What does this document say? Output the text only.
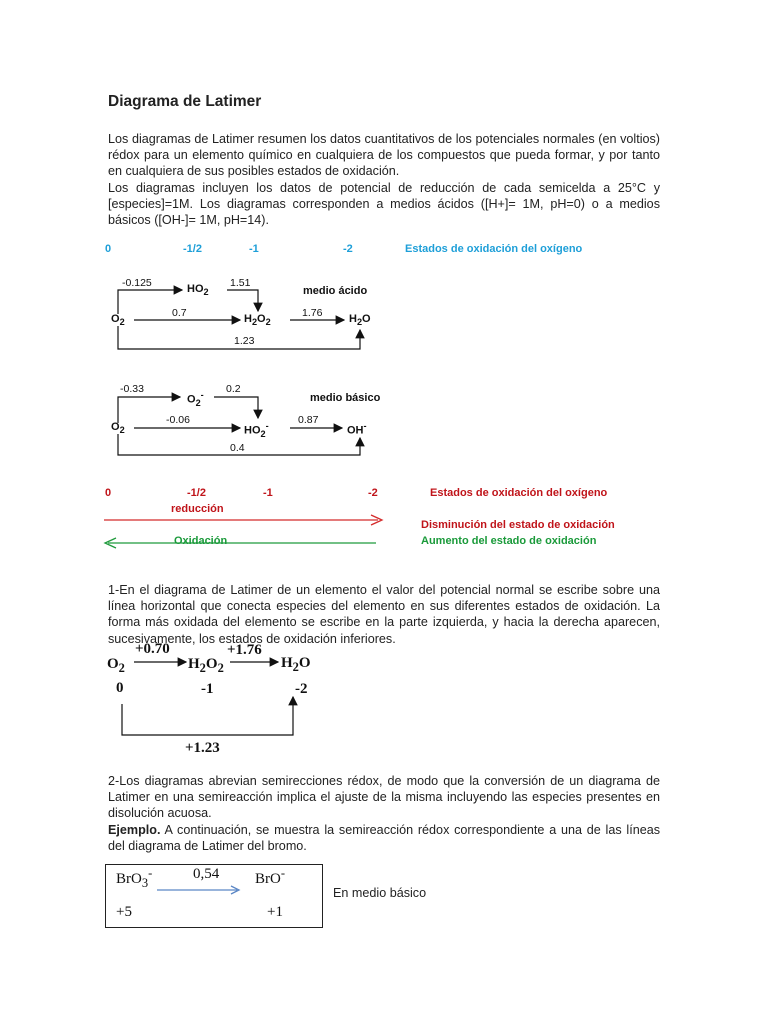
Diagrama de Latimer

Los diagramas de Latimer resumen los datos cuantitativos de los potenciales normales (en voltios) rédox para un elemento químico en cualquiera de los compuestos que pueda formar, y por tanto en cualquiera de sus posibles estados de oxidación.

Los diagramas incluyen los datos de potencial de reducción de cada semicelda a 25°C y [especies]=1M. Los diagramas corresponden a medios ácidos ([H+]= 1M, pH=0) o a medios básicos ([OH-]= 1M, pH=14).

0	-1/2	-1	-2	Estados de oxidación del oxígeno
-0.125	1.51
0.7	1.76
1.23
$HO_2$
$O_2$	$H_2O_2$	$H_2O$
medio ácido
-0.33	0.2
-0.06	0.87
0.4
$O_2^-$
$O_2$	$HO_2^-$	OH-
medio básico
0	-1/2	-1	-2	Estados de oxidación del oxígeno
reducción
Disminución del estado de oxidación
Oxidación	Aumento del estado de oxidación
1-En el diagrama de Latimer de un elemento el valor del potencial normal se escribe sobre una línea horizontal que conecta especies del elemento en sus diferentes estados de oxidación. La forma más oxidada del elemento se escribe en la parte izquierda, y hacia la derecha aparecen, sucesivamente, los estados de oxidación inferiores.
+0.70	+1.76
$O_2$	$H_2O_2$	$H_2O$
0	-1	-2
+1.23

2-Los diagramas abrevian semirecciones rédox, de modo que la conversión de un diagrama de Latimer en una semireacción implica el ajuste de la misma incluyendo las especies presentes en disolución acuosa.

Ejemplo. A continuación, se muestra la semireacción rédox correspondiente a una de las líneas del diagrama de Latimer del bromo.

BrO$_3$-	0,54 BrO-
+5	+1
En medio básico
